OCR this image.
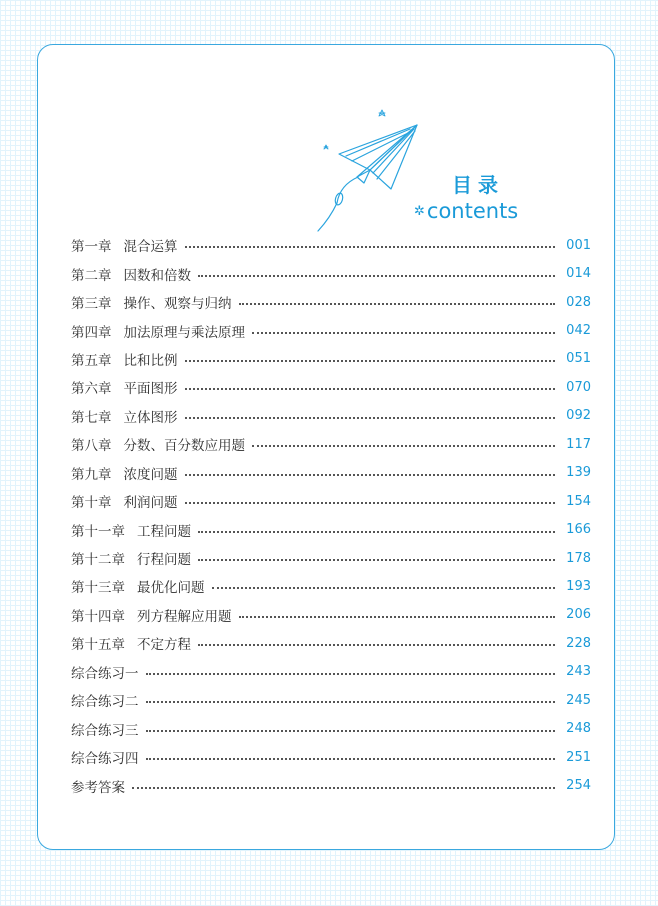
目录
✲contents
第一章 混合运算	001
第二章 因数和倍数	014
第三章 操作、观察与归纳	028
第四章 加法原理与乘法原理	042
第五章 比和比例	051
第六章 平面图形	070
第七章 立体图形	092
第八章 分数、百分数应用题	117
第九章 浓度问题	139
第十章 利润问题	154
第十一章 工程问题	166
第十二章 行程问题	178
第十三章 最优化问题	193
第十四章 列方程解应用题	206
第十五章 不定方程	228
综合练习一	243
综合练习二	245
综合练习三	248
综合练习四	251
参考答案	254
